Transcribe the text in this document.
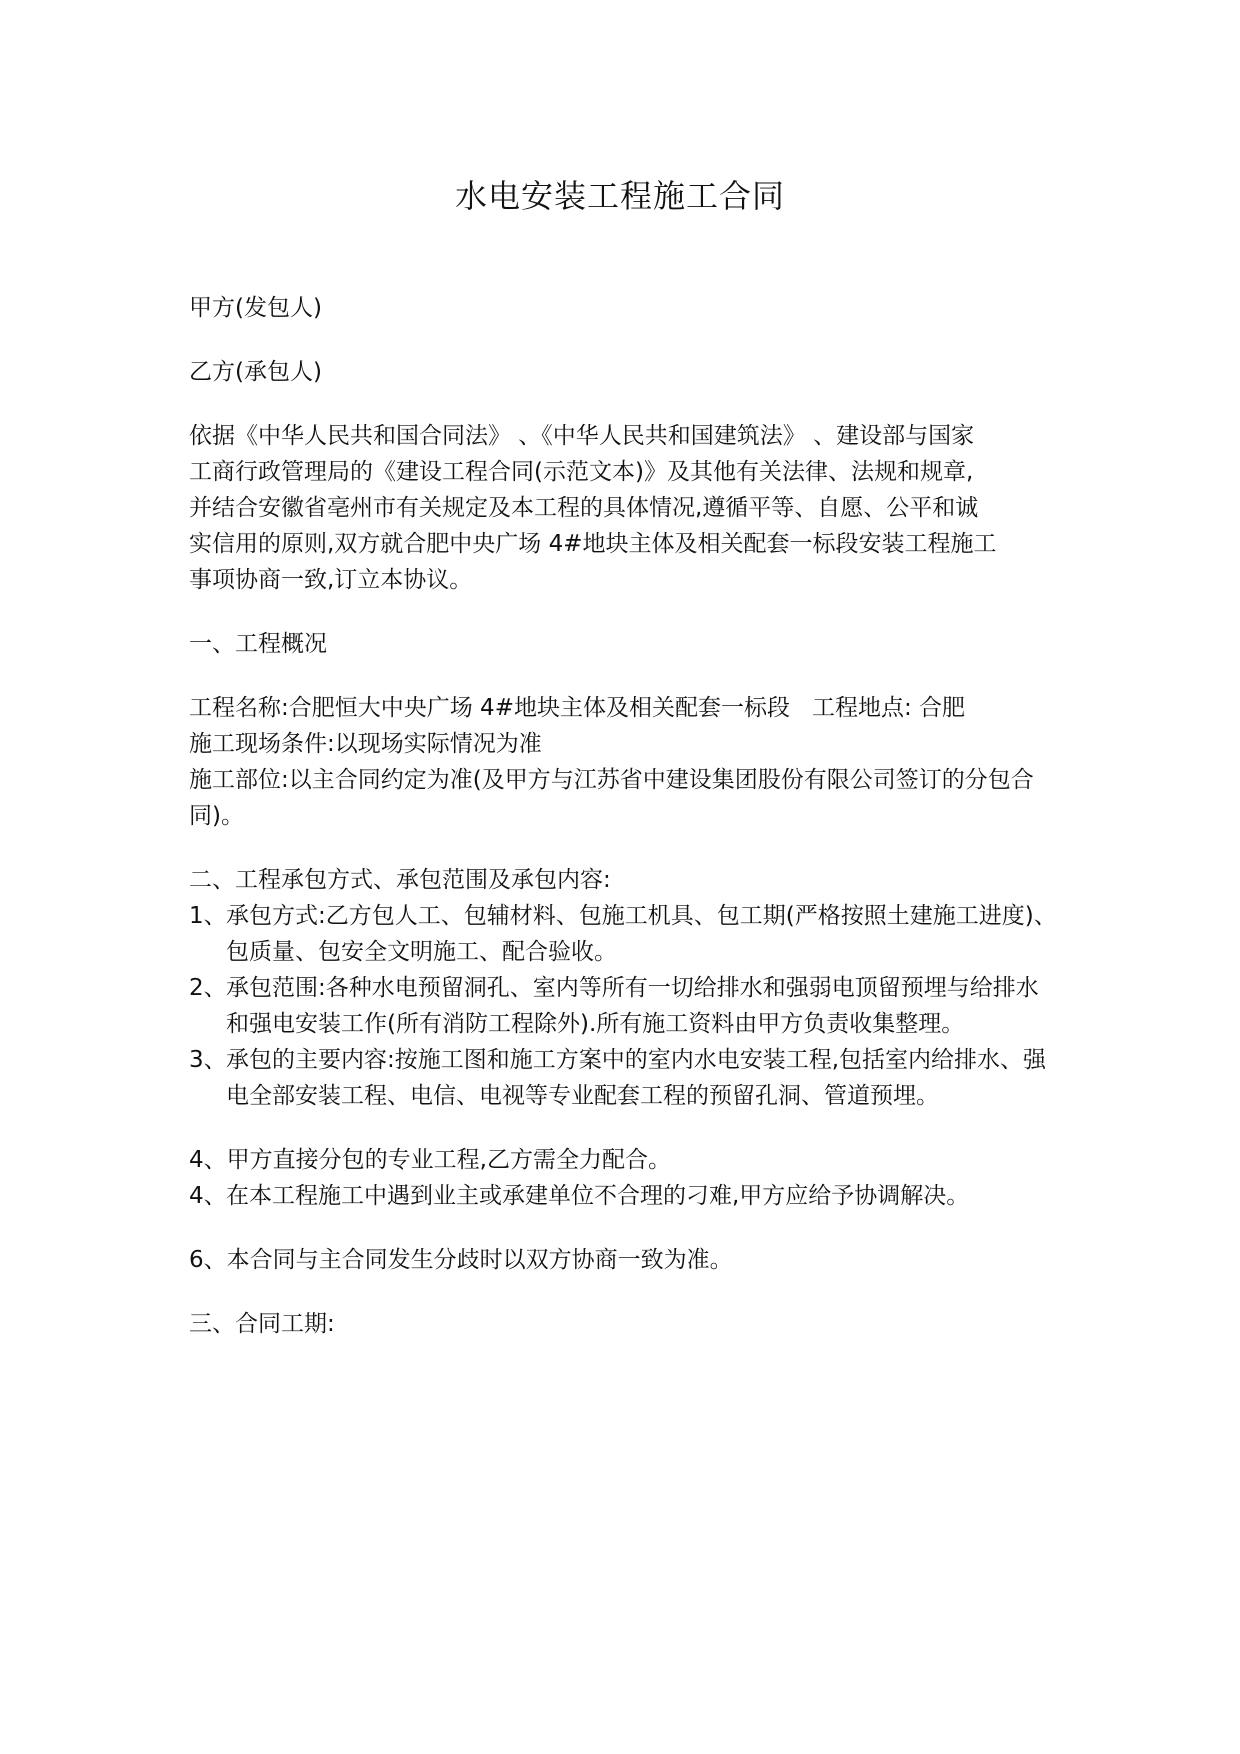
水电安装工程施工合同

甲方(发包人)

乙方(承包人)

依据《中华人民共和国合同法》 、《中华人民共和国建筑法》 、建设部与国家
工商行政管理局的《建设工程合同(示范文本)》及其他有关法律、法规和规章,
并结合安徽省亳州市有关规定及本工程的具体情况,遵循平等、自愿、公平和诚
实信用的原则,双方就合肥中央广场 4#地块主体及相关配套一标段安装工程施工
事项协商一致,订立本协议。

一、工程概况

工程名称:合肥恒大中央广场 4#地块主体及相关配套一标段 工程地点: 合肥
施工现场条件:以现场实际情况为准
施工部位:以主合同约定为准(及甲方与江苏省中建设集团股份有限公司签订的分包合同)。

二、工程承包方式、承包范围及承包内容:

1、承包方式:乙方包人工、包辅材料、包施工机具、包工期(严格按照土建施工进度)、包质量、包安全文明施工、配合验收。

2、承包范围:各种水电预留洞孔、室内等所有一切给排水和强弱电顶留预埋与给排水和强电安装工作(所有消防工程除外).所有施工资料由甲方负责收集整理。

3、承包的主要内容:按施工图和施工方案中的室内水电安装工程,包括室内给排水、强电全部安装工程、电信、电视等专业配套工程的预留孔洞、管道预埋。

4、甲方直接分包的专业工程,乙方需全力配合。

4、在本工程施工中遇到业主或承建单位不合理的刁难,甲方应给予协调解决。

6、本合同与主合同发生分歧时以双方协商一致为准。

三、合同工期:
